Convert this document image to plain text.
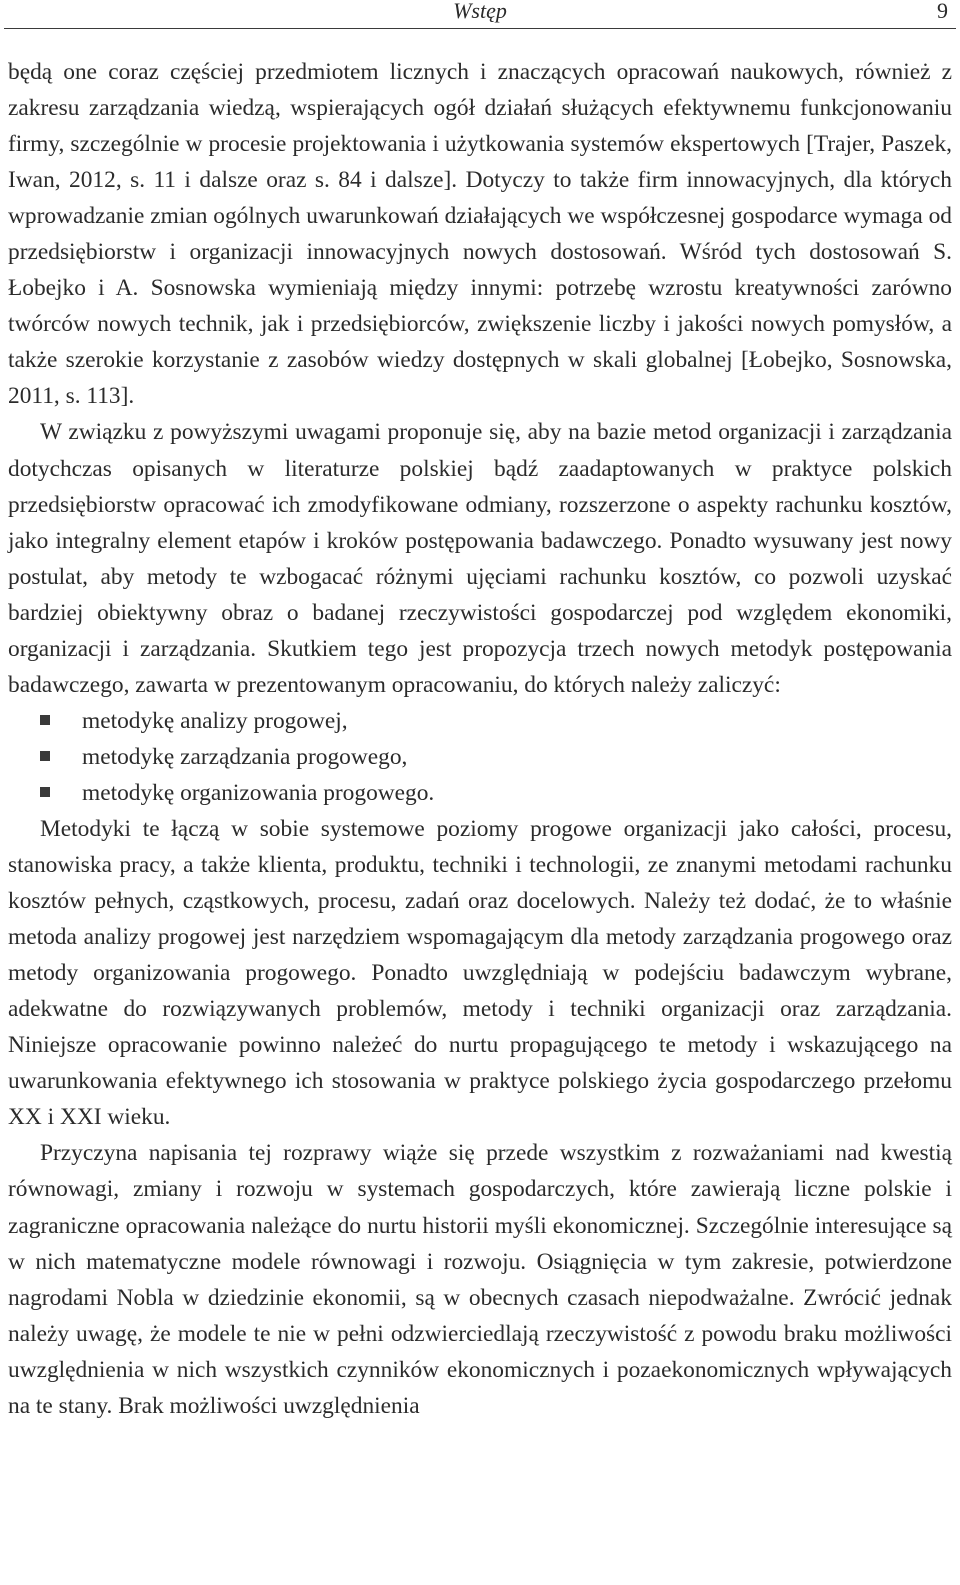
Wstęp	9

będą one coraz częściej przedmiotem licznych i znaczących opracowań naukowych, również z zakresu zarządzania wiedzą, wspierających ogół działań służących efektywnemu funkcjonowaniu firmy, szczególnie w procesie projektowania i użytkowania systemów ekspertowych [Trajer, Paszek, Iwan, 2012, s. 11 i dalsze oraz s. 84 i dalsze]. Dotyczy to także firm innowacyjnych, dla których wprowadzanie zmian ogólnych uwarunkowań działających we współczesnej gospodarce wymaga od przedsiębiorstw i organizacji innowacyjnych nowych dostosowań. Wśród tych dostosowań S. Łobejko i A. Sosnowska wymieniają między innymi: potrzebę wzrostu kreatywności zarówno twórców nowych technik, jak i przedsiębiorców, zwiększenie liczby i jakości nowych pomysłów, a także szerokie korzystanie z zasobów wiedzy dostępnych w skali globalnej [Łobejko, Sosnowska, 2011, s. 113].

W związku z powyższymi uwagami proponuje się, aby na bazie metod organizacji i zarządzania dotychczas opisanych w literaturze polskiej bądź zaadaptowanych w praktyce polskich przedsiębiorstw opracować ich zmodyfikowane odmiany, rozszerzone o aspekty rachunku kosztów, jako integralny element etapów i kroków postępowania badawczego. Ponadto wysuwany jest nowy postulat, aby metody te wzbogacać różnymi ujęciami rachunku kosztów, co pozwoli uzyskać bardziej obiektywny obraz o badanej rzeczywistości gospodarczej pod względem ekonomiki, organizacji i zarządzania. Skutkiem tego jest propozycja trzech nowych metodyk postępowania badawczego, zawarta w prezentowanym opracowaniu, do których należy zaliczyć:

metodykę analizy progowej,
metodykę zarządzania progowego,
metodykę organizowania progowego.

Metodyki te łączą w sobie systemowe poziomy progowe organizacji jako całości, procesu, stanowiska pracy, a także klienta, produktu, techniki i technologii, ze znanymi metodami rachunku kosztów pełnych, cząstkowych, procesu, zadań oraz docelowych. Należy też dodać, że to właśnie metoda analizy progowej jest narzędziem wspomagającym dla metody zarządzania progowego oraz metody organizowania progowego. Ponadto uwzględniają w podejściu badawczym wybrane, adekwatne do rozwiązywanych problemów, metody i techniki organizacji oraz zarządzania. Niniejsze opracowanie powinno należeć do nurtu propagującego te metody i wskazującego na uwarunkowania efektywnego ich stosowania w praktyce polskiego życia gospodarczego przełomu XX i XXI wieku.

Przyczyna napisania tej rozprawy wiąże się przede wszystkim z rozważaniami nad kwestią równowagi, zmiany i rozwoju w systemach gospodarczych, które zawierają liczne polskie i zagraniczne opracowania należące do nurtu historii myśli ekonomicznej. Szczególnie interesujące są w nich matematyczne modele równowagi i rozwoju. Osiągnięcia w tym zakresie, potwierdzone nagrodami Nobla w dziedzinie ekonomii, są w obecnych czasach niepodważalne. Zwrócić jednak należy uwagę, że modele te nie w pełni odzwierciedlają rzeczywistość z powodu braku możliwości uwzględnienia w nich wszystkich czynników ekonomicznych i pozaekonomicznych wpływających na te stany. Brak możliwości uwzględnienia
